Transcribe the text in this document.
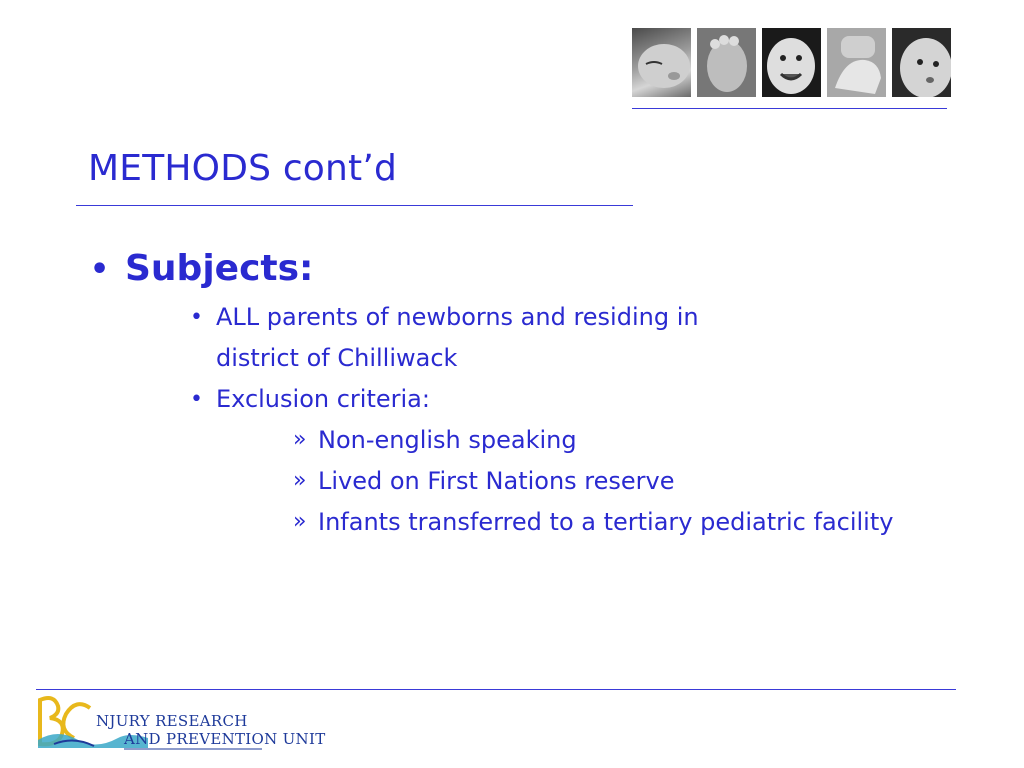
METHODS cont’d
• Subjects:
• ALL parents of newborns and residing in
district of Chilliwack
• Exclusion criteria:
» Non-english speaking
» Lived on First Nations reserve
» Infants transferred to a tertiary pediatric facility
NJURY RESEARCH
AND PREVENTION UNIT
